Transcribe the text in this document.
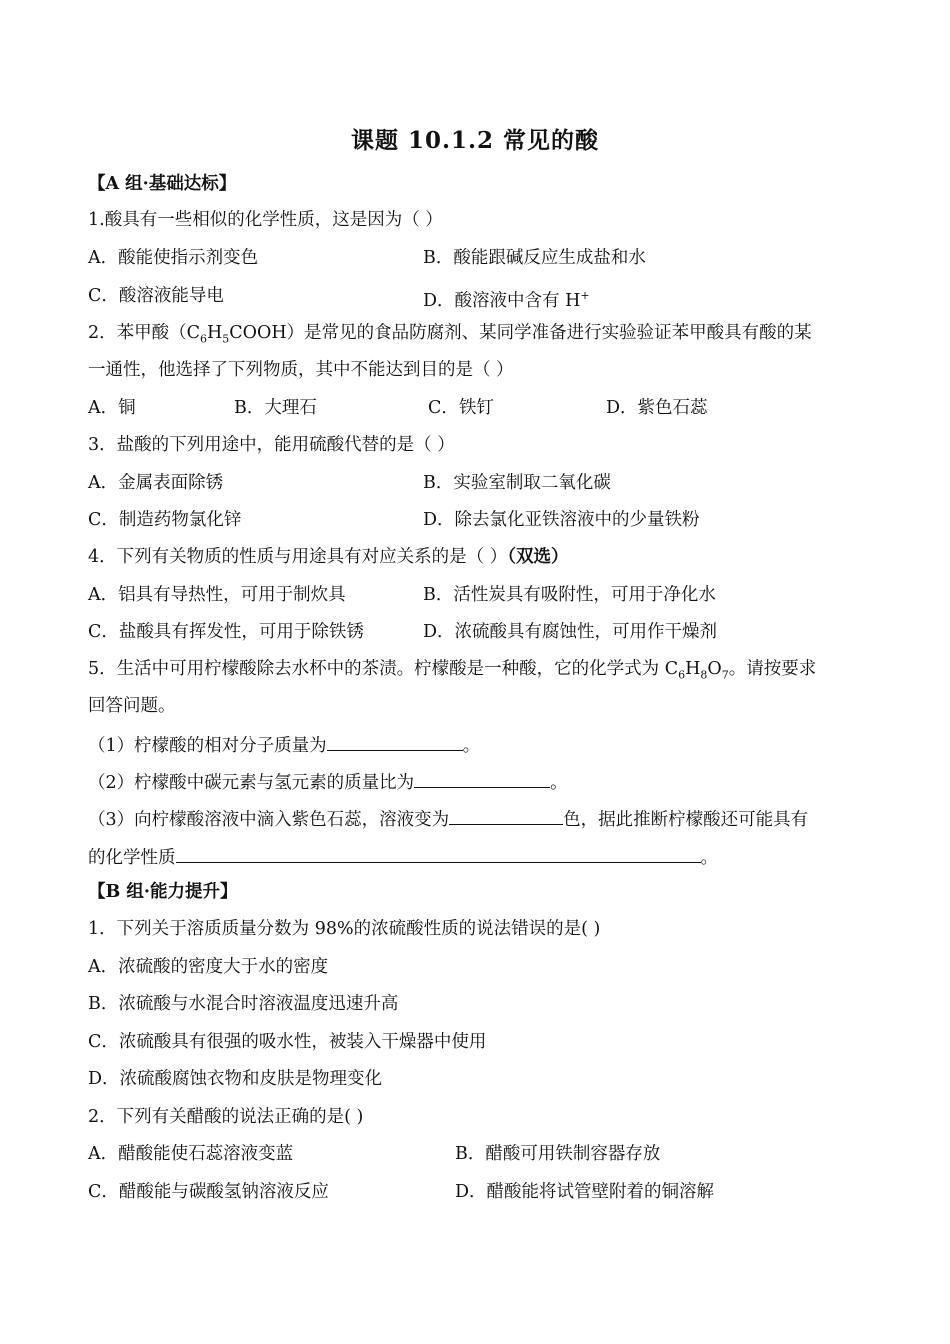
课题 10.1.2 常见的酸
【A 组·基础达标】
1.酸具有一些相似的化学性质，这是因为（ ）
A．酸能使指示剂变色	B．酸能跟碱反应生成盐和水
C．酸溶液能导电	D．酸溶液中含有 H+
2．苯甲酸$(C_6H_5COOH)$是常见的食品防腐剂、某同学准备进行实验验证苯甲酸具有酸的某
一通性，他选择了下列物质，其中不能达到目的是（ ）
A．铜	B．大理石	C．铁钉	D．紫色石蕊
3．盐酸的下列用途中，能用硫酸代替的是（ ）
A．金属表面除锈	B．实验室制取二氧化碳
C．制造药物氯化锌	D．除去氯化亚铁溶液中的少量铁粉
4．下列有关物质的性质与用途具有对应关系的是（ ）（双选）
A．铝具有导热性，可用于制炊具	B．活性炭具有吸附性，可用于净化水
C．盐酸具有挥发性，可用于除铁锈	D．浓硫酸具有腐蚀性，可用作干燥剂
5．生活中可用柠檬酸除去水杯中的茶渍。柠檬酸是一种酸，它的化学式为 $C_6H_8O_7$。请按要求
回答问题。
（1）柠檬酸的相对分子质量为	。
（2）柠檬酸中碳元素与氢元素的质量比为	。
（3）向柠檬酸溶液中滴入紫色石蕊，溶液变为	色，据此推断柠檬酸还可能具有
的化学性质	。
【B 组·能力提升】
1．下列关于溶质质量分数为 98%的浓硫酸性质的说法错误的是( )
A．浓硫酸的密度大于水的密度
B．浓硫酸与水混合时溶液温度迅速升高
C．浓硫酸具有很强的吸水性，被装入干燥器中使用
D．浓硫酸腐蚀衣物和皮肤是物理变化
2．下列有关醋酸的说法正确的是( )
A．醋酸能使石蕊溶液变蓝	B．醋酸可用铁制容器存放
C．醋酸能与碳酸氢钠溶液反应	D．醋酸能将试管壁附着的铜溶解
